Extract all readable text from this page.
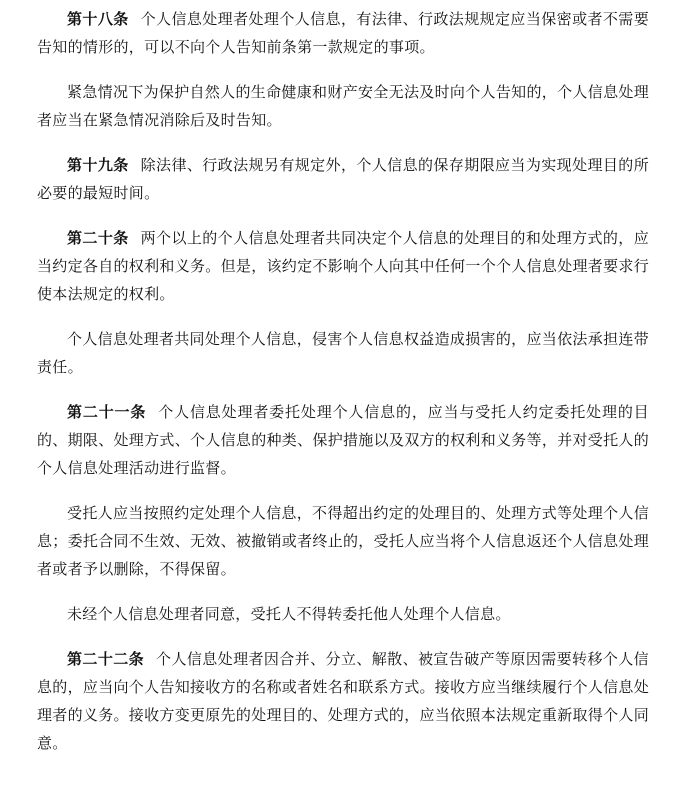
第十八条 个人信息处理者处理个人信息，有法律、行政法规规定应当保密或者不需要告知的情形的，可以不向个人告知前条第一款规定的事项。

紧急情况下为保护自然人的生命健康和财产安全无法及时向个人告知的，个人信息处理者应当在紧急情况消除后及时告知。

第十九条 除法律、行政法规另有规定外，个人信息的保存期限应当为实现处理目的所必要的最短时间。

第二十条 两个以上的个人信息处理者共同决定个人信息的处理目的和处理方式的，应当约定各自的权利和义务。但是，该约定不影响个人向其中任何一个个人信息处理者要求行使本法规定的权利。

个人信息处理者共同处理个人信息，侵害个人信息权益造成损害的，应当依法承担连带责任。

第二十一条 个人信息处理者委托处理个人信息的，应当与受托人约定委托处理的目的、期限、处理方式、个人信息的种类、保护措施以及双方的权利和义务等，并对受托人的个人信息处理活动进行监督。

受托人应当按照约定处理个人信息，不得超出约定的处理目的、处理方式等处理个人信息；委托合同不生效、无效、被撤销或者终止的，受托人应当将个人信息返还个人信息处理者或者予以删除，不得保留。

未经个人信息处理者同意，受托人不得转委托他人处理个人信息。

第二十二条 个人信息处理者因合并、分立、解散、被宣告破产等原因需要转移个人信息的，应当向个人告知接收方的名称或者姓名和联系方式。接收方应当继续履行个人信息处理者的义务。接收方变更原先的处理目的、处理方式的，应当依照本法规定重新取得个人同意。
